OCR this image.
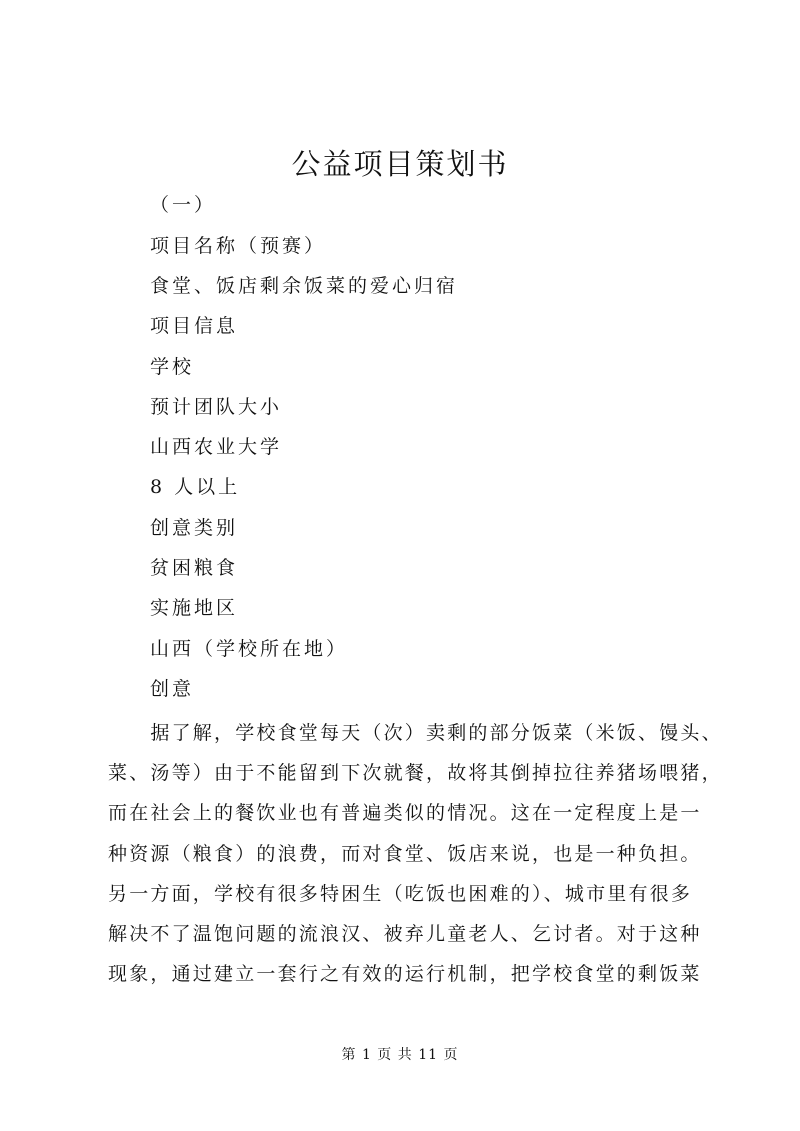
公益项目策划书
（一）
项目名称（预赛）
食堂、饭店剩余饭菜的爱心归宿
项目信息
学校
预计团队大小
山西农业大学
8 人以上
创意类别
贫困粮食
实施地区
山西（学校所在地）
创意
　　据了解，学校食堂每天（次）卖剩的部分饭菜（米饭、馒头、
菜、汤等）由于不能留到下次就餐，故将其倒掉拉往养猪场喂猪，
而在社会上的餐饮业也有普遍类似的情况。这在一定程度上是一
种资源（粮食）的浪费，而对食堂、饭店来说，也是一种负担。
另一方面，学校有很多特困生（吃饭也困难的）、城市里有很多
解决不了温饱问题的流浪汉、被弃儿童老人、乞讨者。对于这种
现象，通过建立一套行之有效的运行机制，把学校食堂的剩饭菜
第 1 页 共 11 页
